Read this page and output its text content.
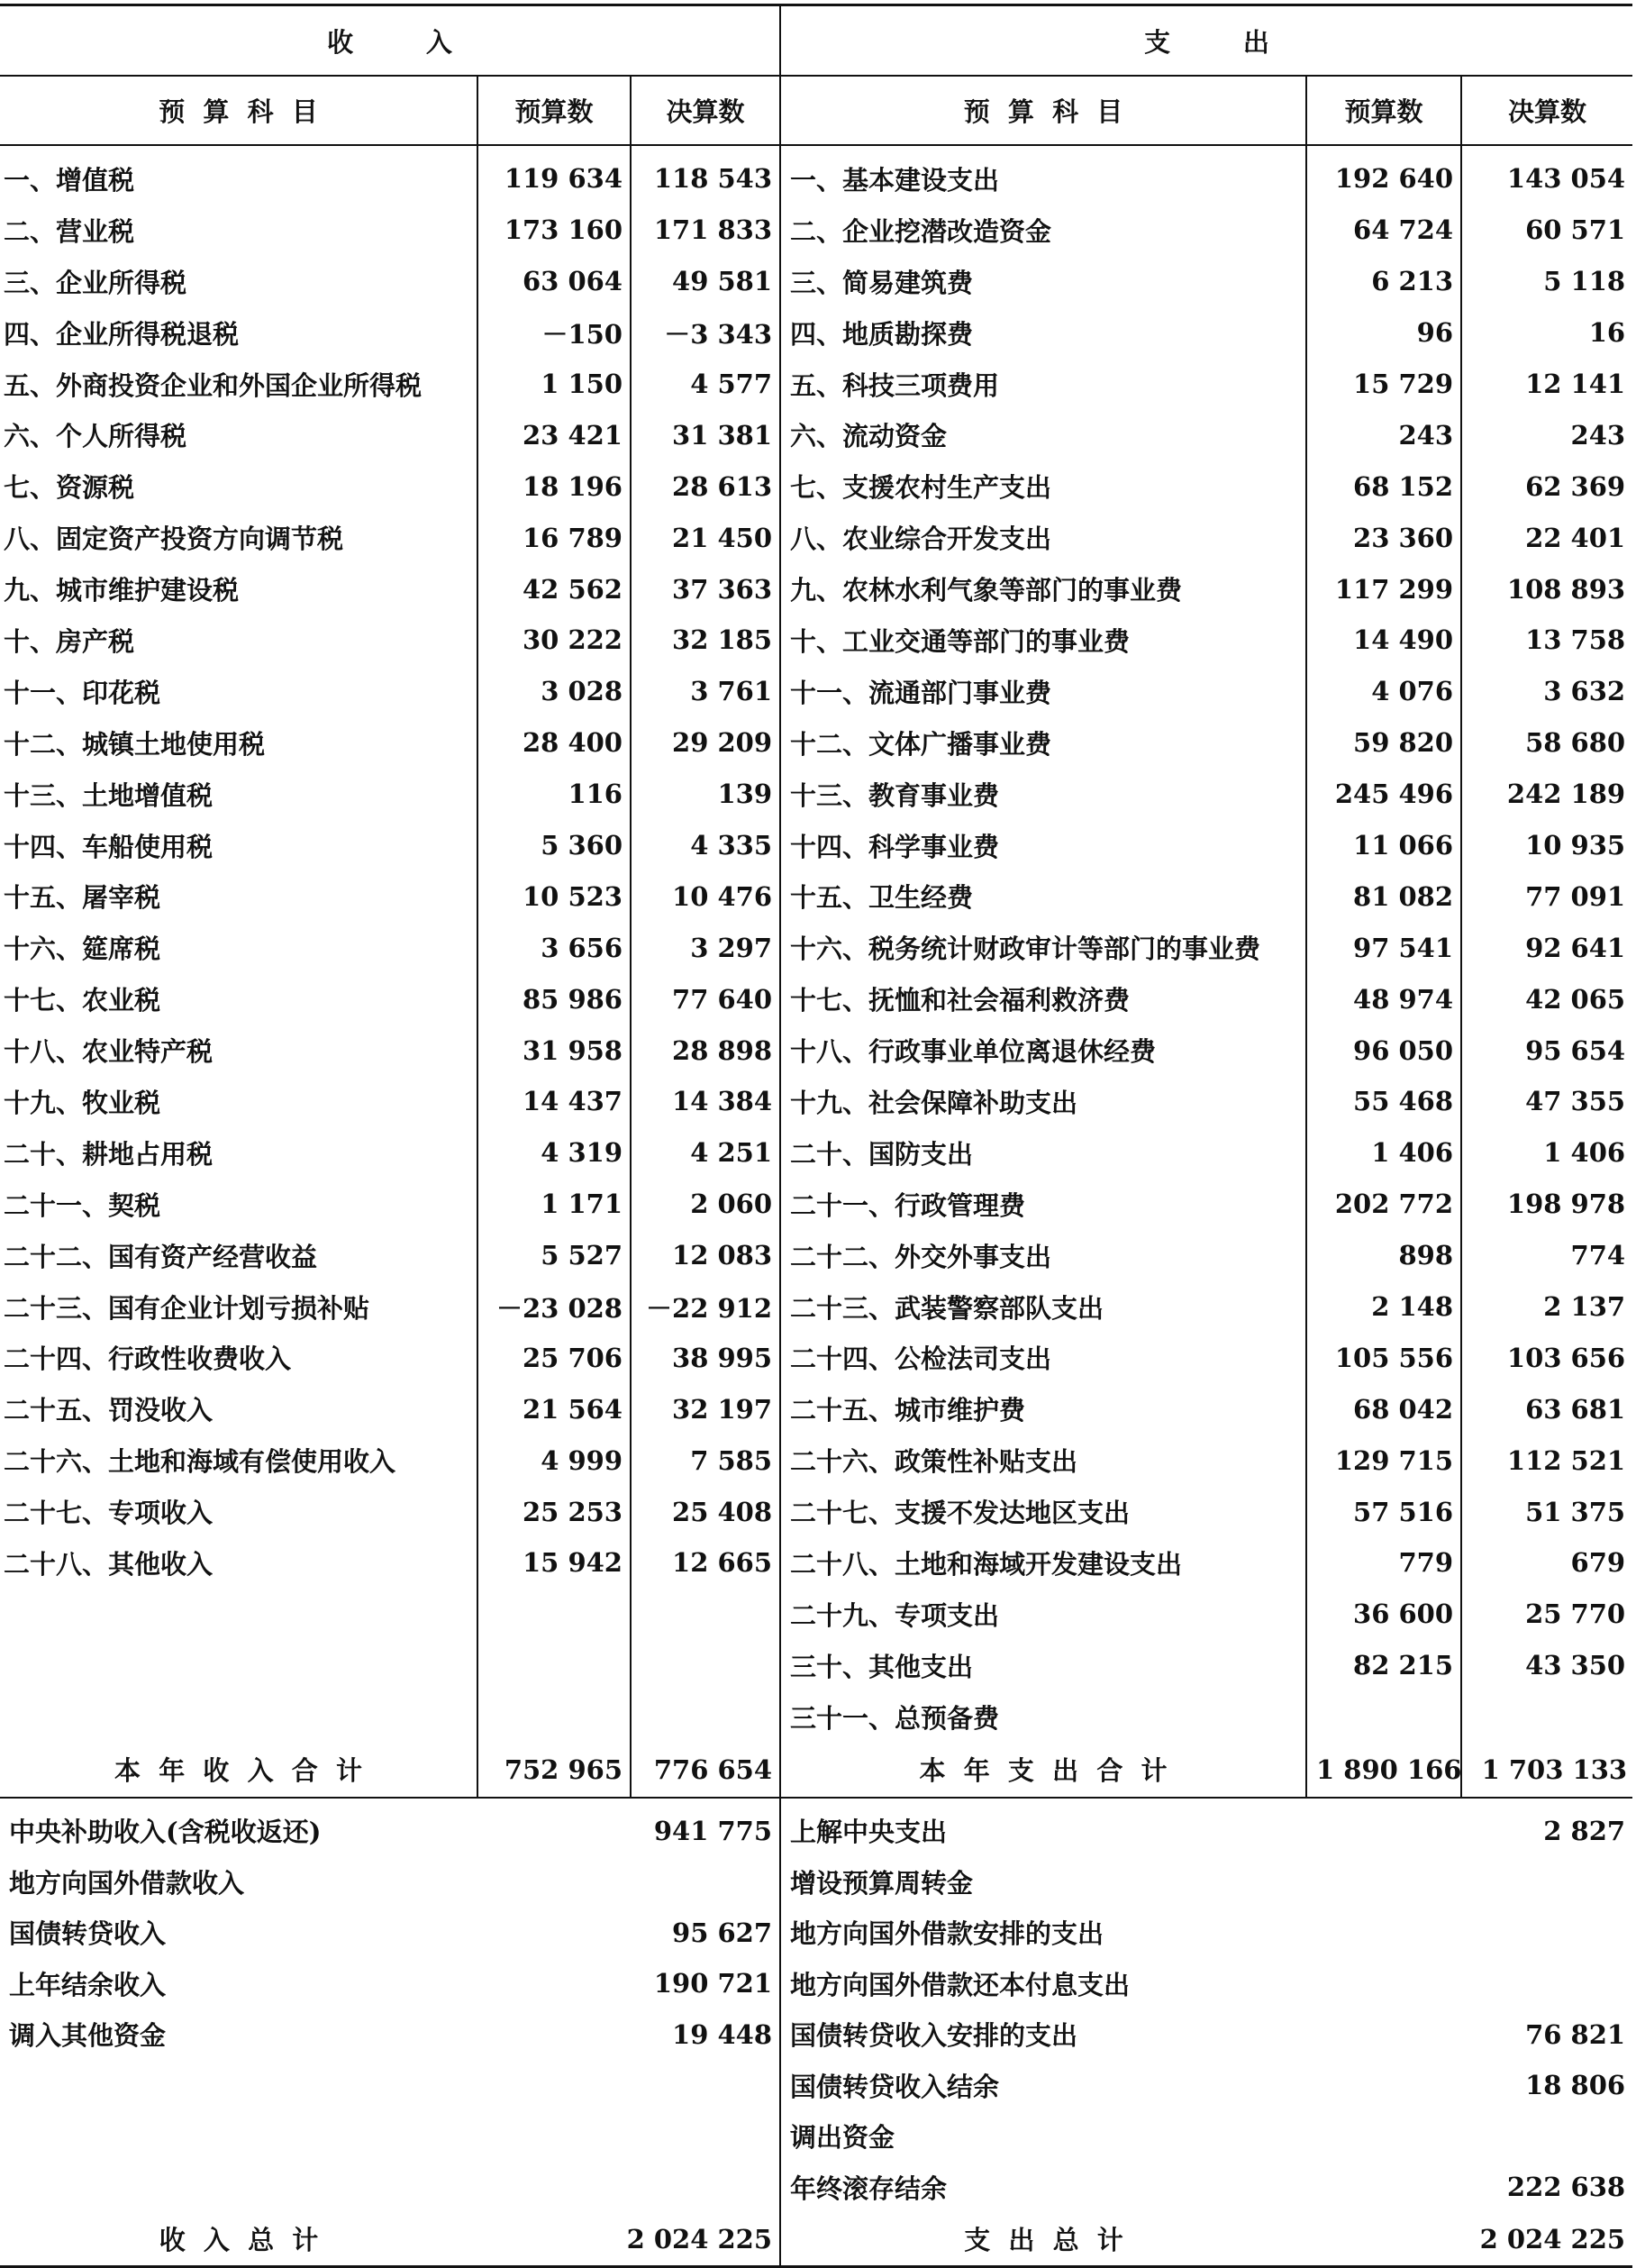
收        入			支        出		
预  算  科  目	预算数	决算数	预  算  科  目	预算数	决算数
一、增值税	119 634	118 543	一、基本建设支出	192 640	143 054
二、营业税	173 160	171 833	二、企业挖潜改造资金	64 724	60 571
三、企业所得税	63 064	49 581	三、简易建筑费	6 213	5 118
四、企业所得税退税	－150	－3 343	四、地质勘探费	96	16
五、外商投资企业和外国企业所得税	1 150	4 577	五、科技三项费用	15 729	12 141
六、个人所得税	23 421	31 381	六、流动资金	243	243
七、资源税	18 196	28 613	七、支援农村生产支出	68 152	62 369
八、固定资产投资方向调节税	16 789	21 450	八、农业综合开发支出	23 360	22 401
九、城市维护建设税	42 562	37 363	九、农林水利气象等部门的事业费	117 299	108 893
十、房产税	30 222	32 185	十、工业交通等部门的事业费	14 490	13 758
十一、印花税	3 028	3 761	十一、流通部门事业费	4 076	3 632
十二、城镇土地使用税	28 400	29 209	十二、文体广播事业费	59 820	58 680
十三、土地增值税	116	139	十三、教育事业费	245 496	242 189
十四、车船使用税	5 360	4 335	十四、科学事业费	11 066	10 935
十五、屠宰税	10 523	10 476	十五、卫生经费	81 082	77 091
十六、筵席税	3 656	3 297	十六、税务统计财政审计等部门的事业费	97 541	92 641
十七、农业税	85 986	77 640	十七、抚恤和社会福利救济费	48 974	42 065
十八、农业特产税	31 958	28 898	十八、行政事业单位离退休经费	96 050	95 654
十九、牧业税	14 437	14 384	十九、社会保障补助支出	55 468	47 355
二十、耕地占用税	4 319	4 251	二十、国防支出	1 406	1 406
二十一、契税	1 171	2 060	二十一、行政管理费	202 772	198 978
二十二、国有资产经营收益	5 527	12 083	二十二、外交外事支出	898	774
二十三、国有企业计划亏损补贴	－23 028	－22 912	二十三、武装警察部队支出	2 148	2 137
二十四、行政性收费收入	25 706	38 995	二十四、公检法司支出	105 556	103 656
二十五、罚没收入	21 564	32 197	二十五、城市维护费	68 042	63 681
二十六、土地和海域有偿使用收入	4 999	7 585	二十六、政策性补贴支出	129 715	112 521
二十七、专项收入	25 253	25 408	二十七、支援不发达地区支出	57 516	51 375
二十八、其他收入	15 942	12 665	二十八、土地和海域开发建设支出	779	679
			二十九、专项支出	36 600	25 770
			三十、其他支出	82 215	43 350
			三十一、总预备费		
本  年  收  入  合  计	752 965	776 654	本  年  支  出  合  计	1 890 166	1 703 133
中央补助收入(含税收返还)	941 775		上解中央支出	2 827	
地方向国外借款收入			增设预算周转金		
国债转贷收入	95 627		地方向国外借款安排的支出		
上年结余收入	190 721		地方向国外借款还本付息支出		
调入其他资金	19 448		国债转贷收入安排的支出	76 821	
			国债转贷收入结余	18 806	
			调出资金		
			年终滚存结余	222 638	
收  入  总  计	2 024 225		支  出  总  计	2 024 225	
